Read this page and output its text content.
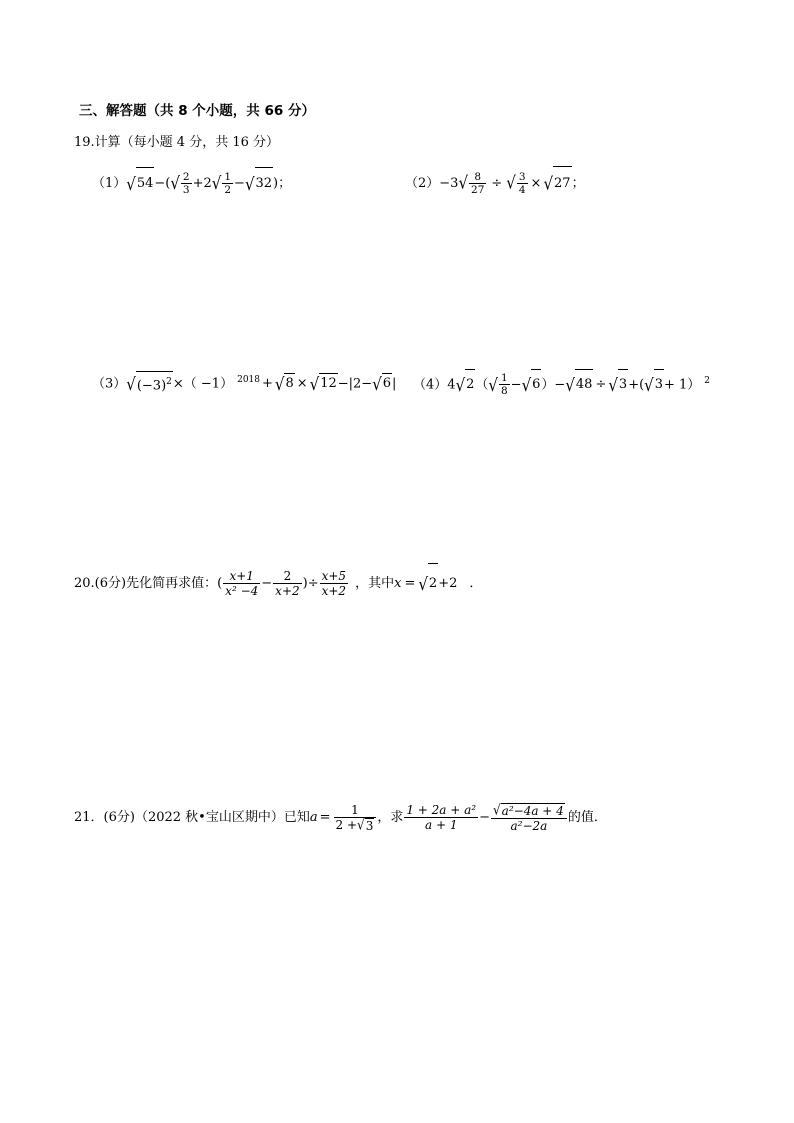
三、解答题（共 8 个小题，共 66 分）
19.计算（每小题 4 分，共 16 分）
$(1)√54-(√ \frac{2}{3} +2√ \frac{1}{2} -√32)$；	$(2)-3√ \frac{8}{27}$ ÷ √ $\frac{3}{4} \times √27$；
$(3)√(-3)^2\times( -1) ^{2018} + √8 \times √12-|2-√6|$ $(4)4√2(√ \frac{1}{8} -√6)-√48 \div √3+(√3+ 1)$ $^2$
20.(6分)先化简再求值：( $\frac{x+1}{\text{x² −4}} - \frac{2}{x+2}$ )÷ $\frac{x+5}{x+2}$ ，其中x = √2+2 ．
21．(6分)（2022 秋•宝山区期中）已知$a = \frac{1}{2 +√3}$ ，求 $\frac{\text{1 + 2a + a²}}{a + 1} - \frac{\text{√a²−4a + 4}}{\text{a²−2a}}$ 的值．
